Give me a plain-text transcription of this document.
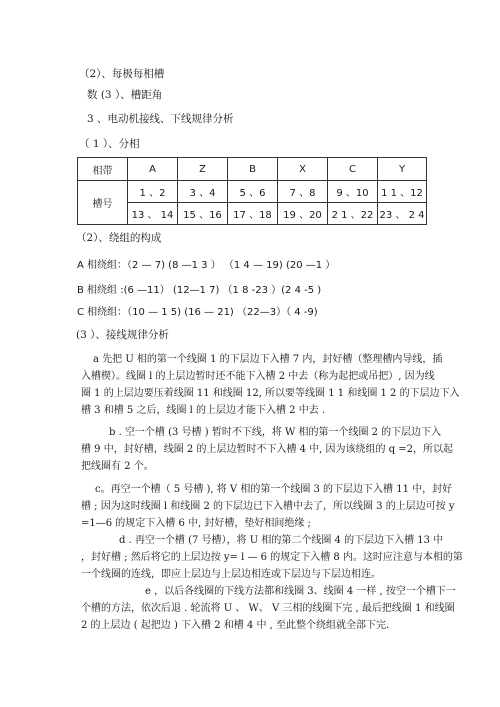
（2）、每极每相槽
数 (3 ）、槽距角
3 、电动机接线、下线规律分析
（ 1 ）、分相
相带	A	Z	B	X	C	Y
槽号	1 、2	3 、4	5 、6	7 、8	9 、10	1 1 、12
	13 、 14	15 、16	17 、18	19 、20	2 1 、22	23 、 2 4
（2）、绕组的构成
A 相绕组：（2 — 7) (8 —1 3 ） （1 4 — 19) (20 —1 ）
B 相绕组 :(6 —11） (12—1 7) （1 8 -23 ）(2 4 -5 )
C 相绕组：（10 — 1 5) (16 — 21) （22—3）（ 4 -9)
(3 ）、接线规律分析
a 先把 U 相的第一个线圈 1 的下层边下入槽 7 内，封好槽（整理槽内导线，插
入槽楔）。线圈 l 的上层边暂时还不能下入槽 2 中去（称为起把或吊把）, 因为线
圈 1 的上层边要压着线圈 11 和线圈 12, 所以要等线圈 1 1 和线圈 1 2 的下层边下入
槽 3 和槽 5 之后，线圈 l 的上层边才能下入槽 2 中去 .
b . 空一个槽 (3 号槽 ) 暂时不下线，将 W 相的第一个线圈 2 的下层边下入
槽 9 中，封好槽，线圈 2 的上层边暂时不下入槽 4 中, 因为该绕组的 q =2，所以起
把线圈有 2 个。
c。再空一个槽（ 5 号槽 ), 将 V 相的第一个线圈 3 的下层边下入槽 11 中，封好
槽 ; 因为这时线圈 l 和线圈 2 的下层边已下入槽中去了，所以线圈 3 的上层边可按 y
=1—6 的规定下入槽 6 中, 封好槽，垫好相间绝缘 ;
d . 再空一个槽 (7 号槽），将 U 相的第二个线圈 4 的下层边下入槽 13 中
，封好槽 ; 然后将它的上层边按 y= l — 6 的规定下入槽 8 内。这时应注意与本相的第
一个线圈的连线，即应上层边与上层边相连或下层边与下层边相连。
e ，以后各线圈的下线方法都和线圈 3、线圈 4 一样 , 按空一个槽下一
个槽的方法，依次后退 . 轮流将 U 、 W、 V 三相的线圈下完 , 最后把线圈 1 和线圈
2 的上层边 ( 起把边 ) 下入槽 2 和槽 4 中 , 至此整个绕组就全部下完.
